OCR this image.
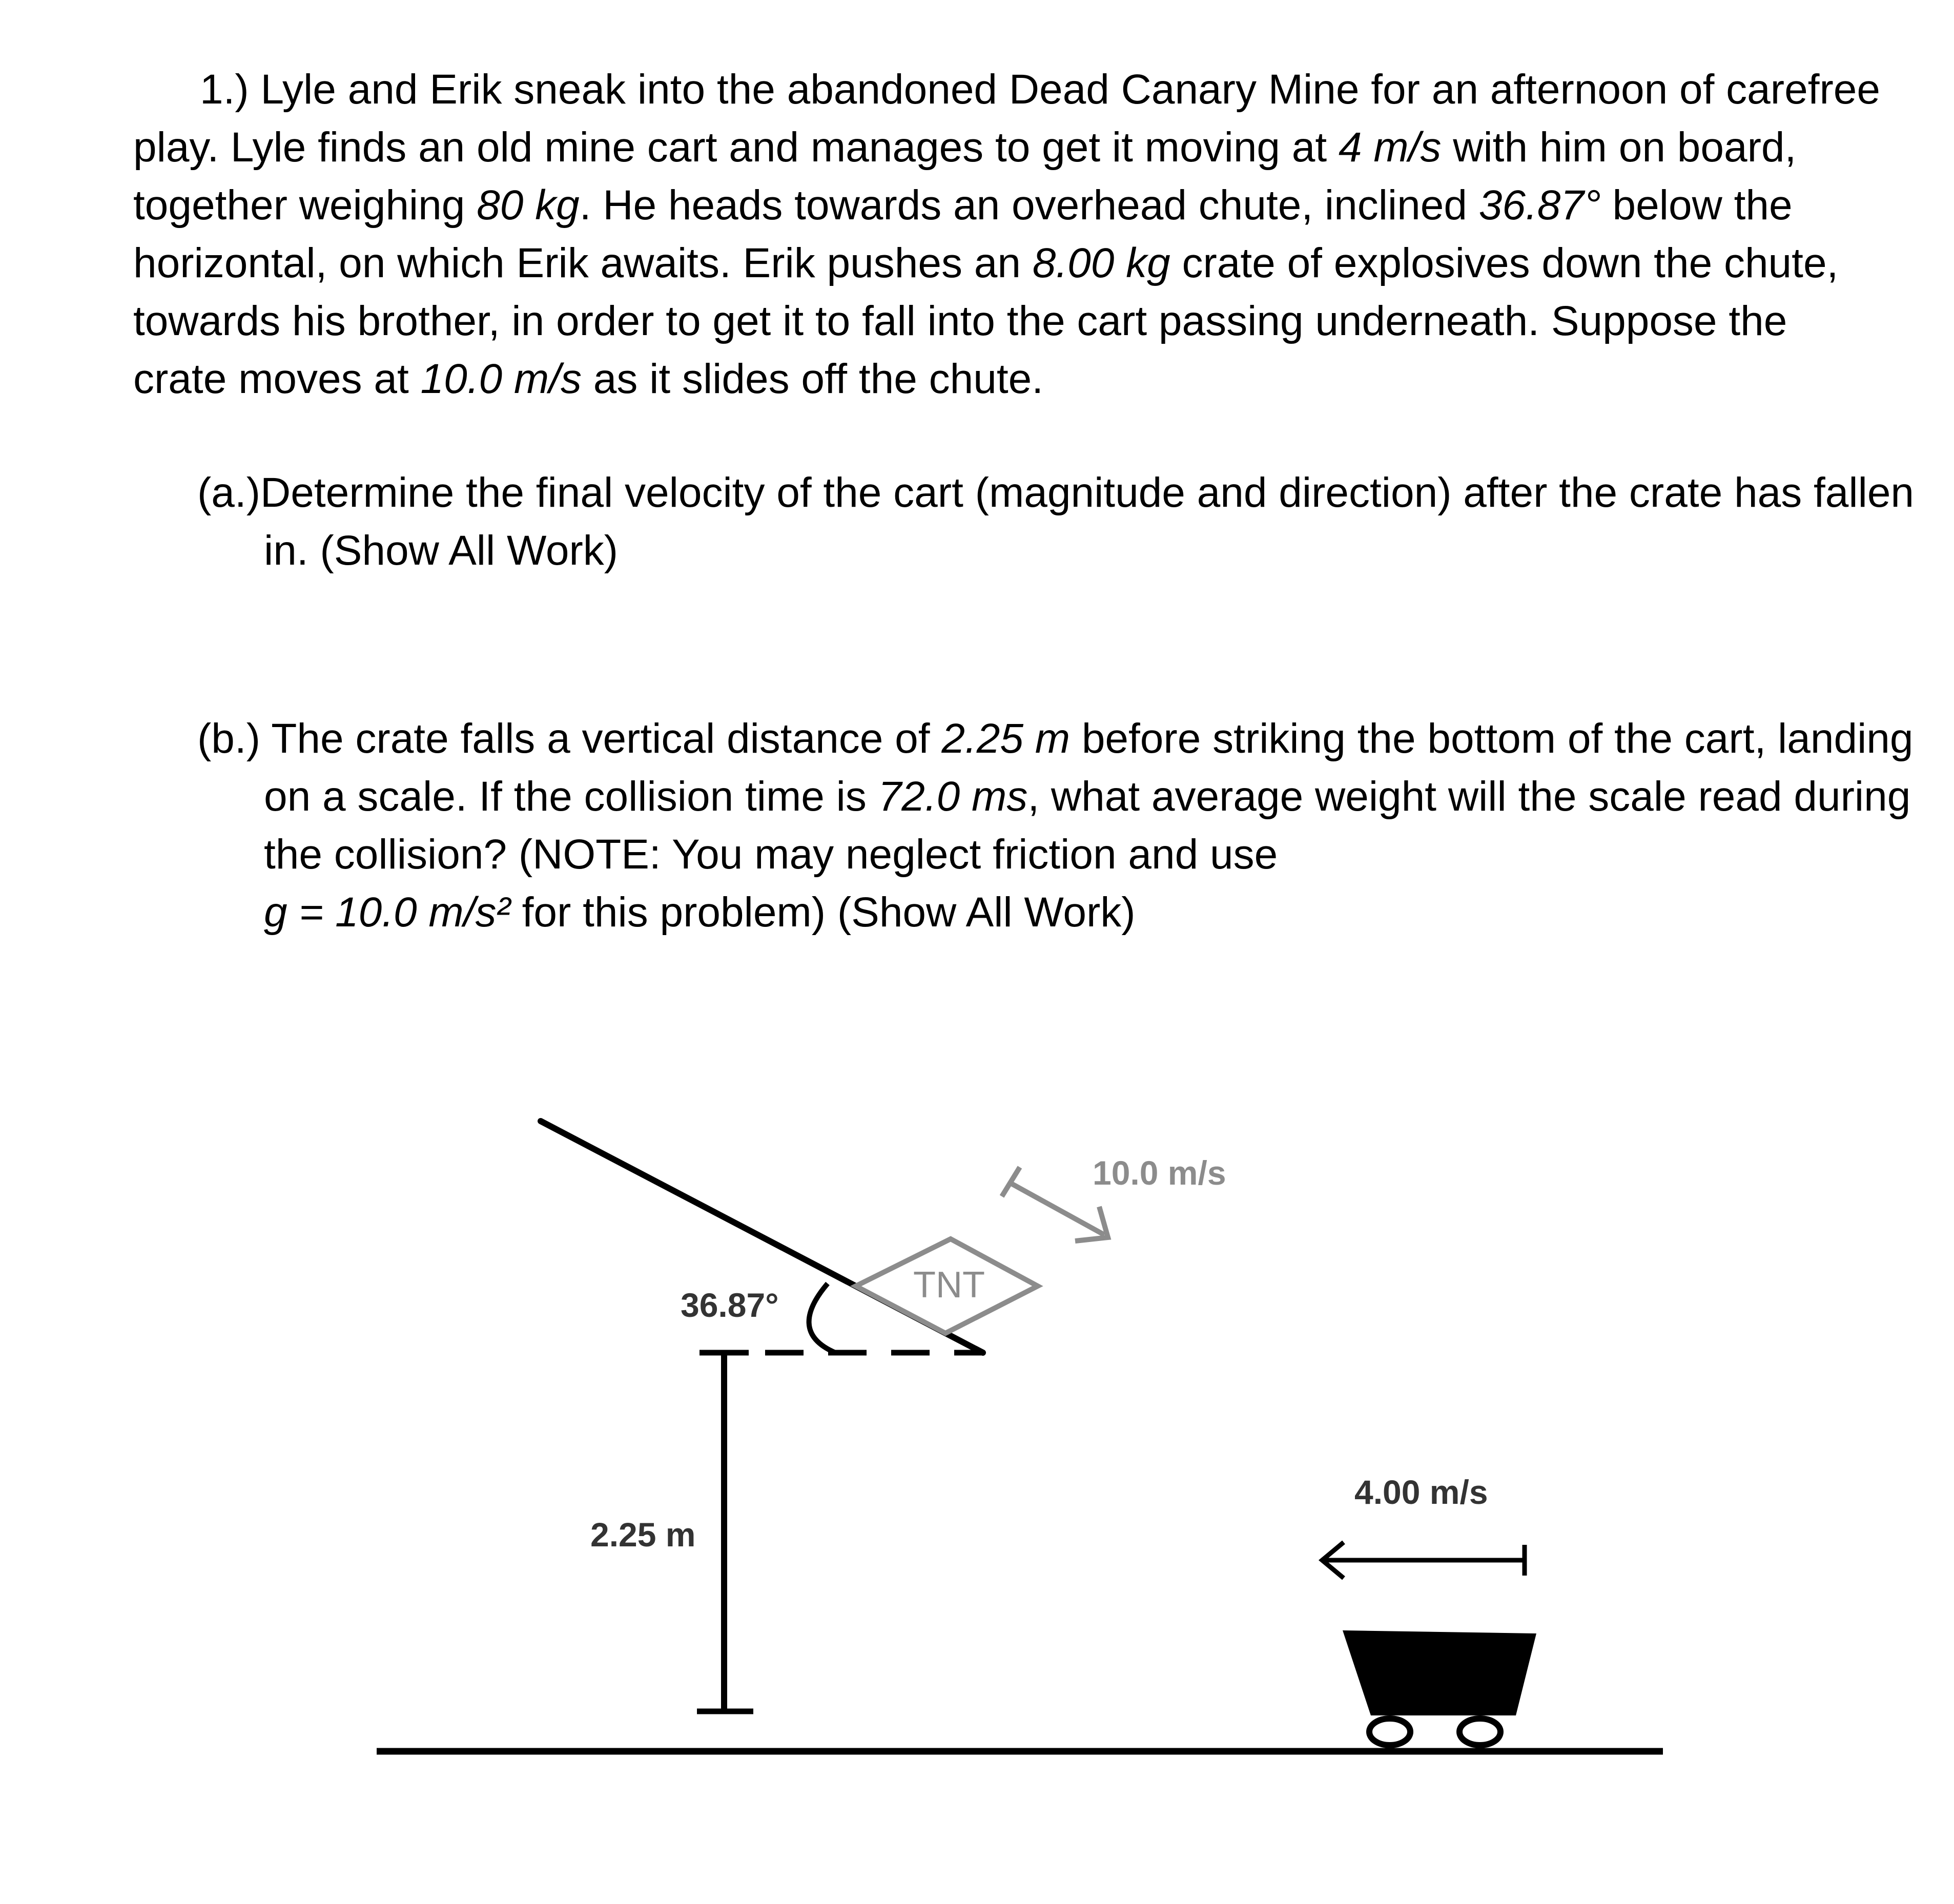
1.) Lyle and Erik sneak into the abandoned Dead Canary Mine for an afternoon of carefree play. Lyle finds an old mine cart and manages to get it moving at 4 m/s with him on board, together weighing 80 kg. He heads towards an overhead chute, inclined 36.87° below the horizontal, on which Erik awaits. Erik pushes an 8.00 kg crate of explosives down the chute, towards his brother, in order to get it to fall into the cart passing underneath. Suppose the crate moves at 10.0 m/s as it slides off the chute.

(a.)Determine the final velocity of the cart (magnitude and direction) after the crate has fallen in. (Show All Work)

(b.) The crate falls a vertical distance of 2.25 m before striking the bottom of the cart, landing on a scale. If the collision time is 72.0 ms, what average weight will the scale read during the collision? (NOTE: You may neglect friction and use
g = 10.0 m/s² for this problem) (Show All Work)

TNT
10.0 m/s
36.87°
2.25 m
4.00 m/s
